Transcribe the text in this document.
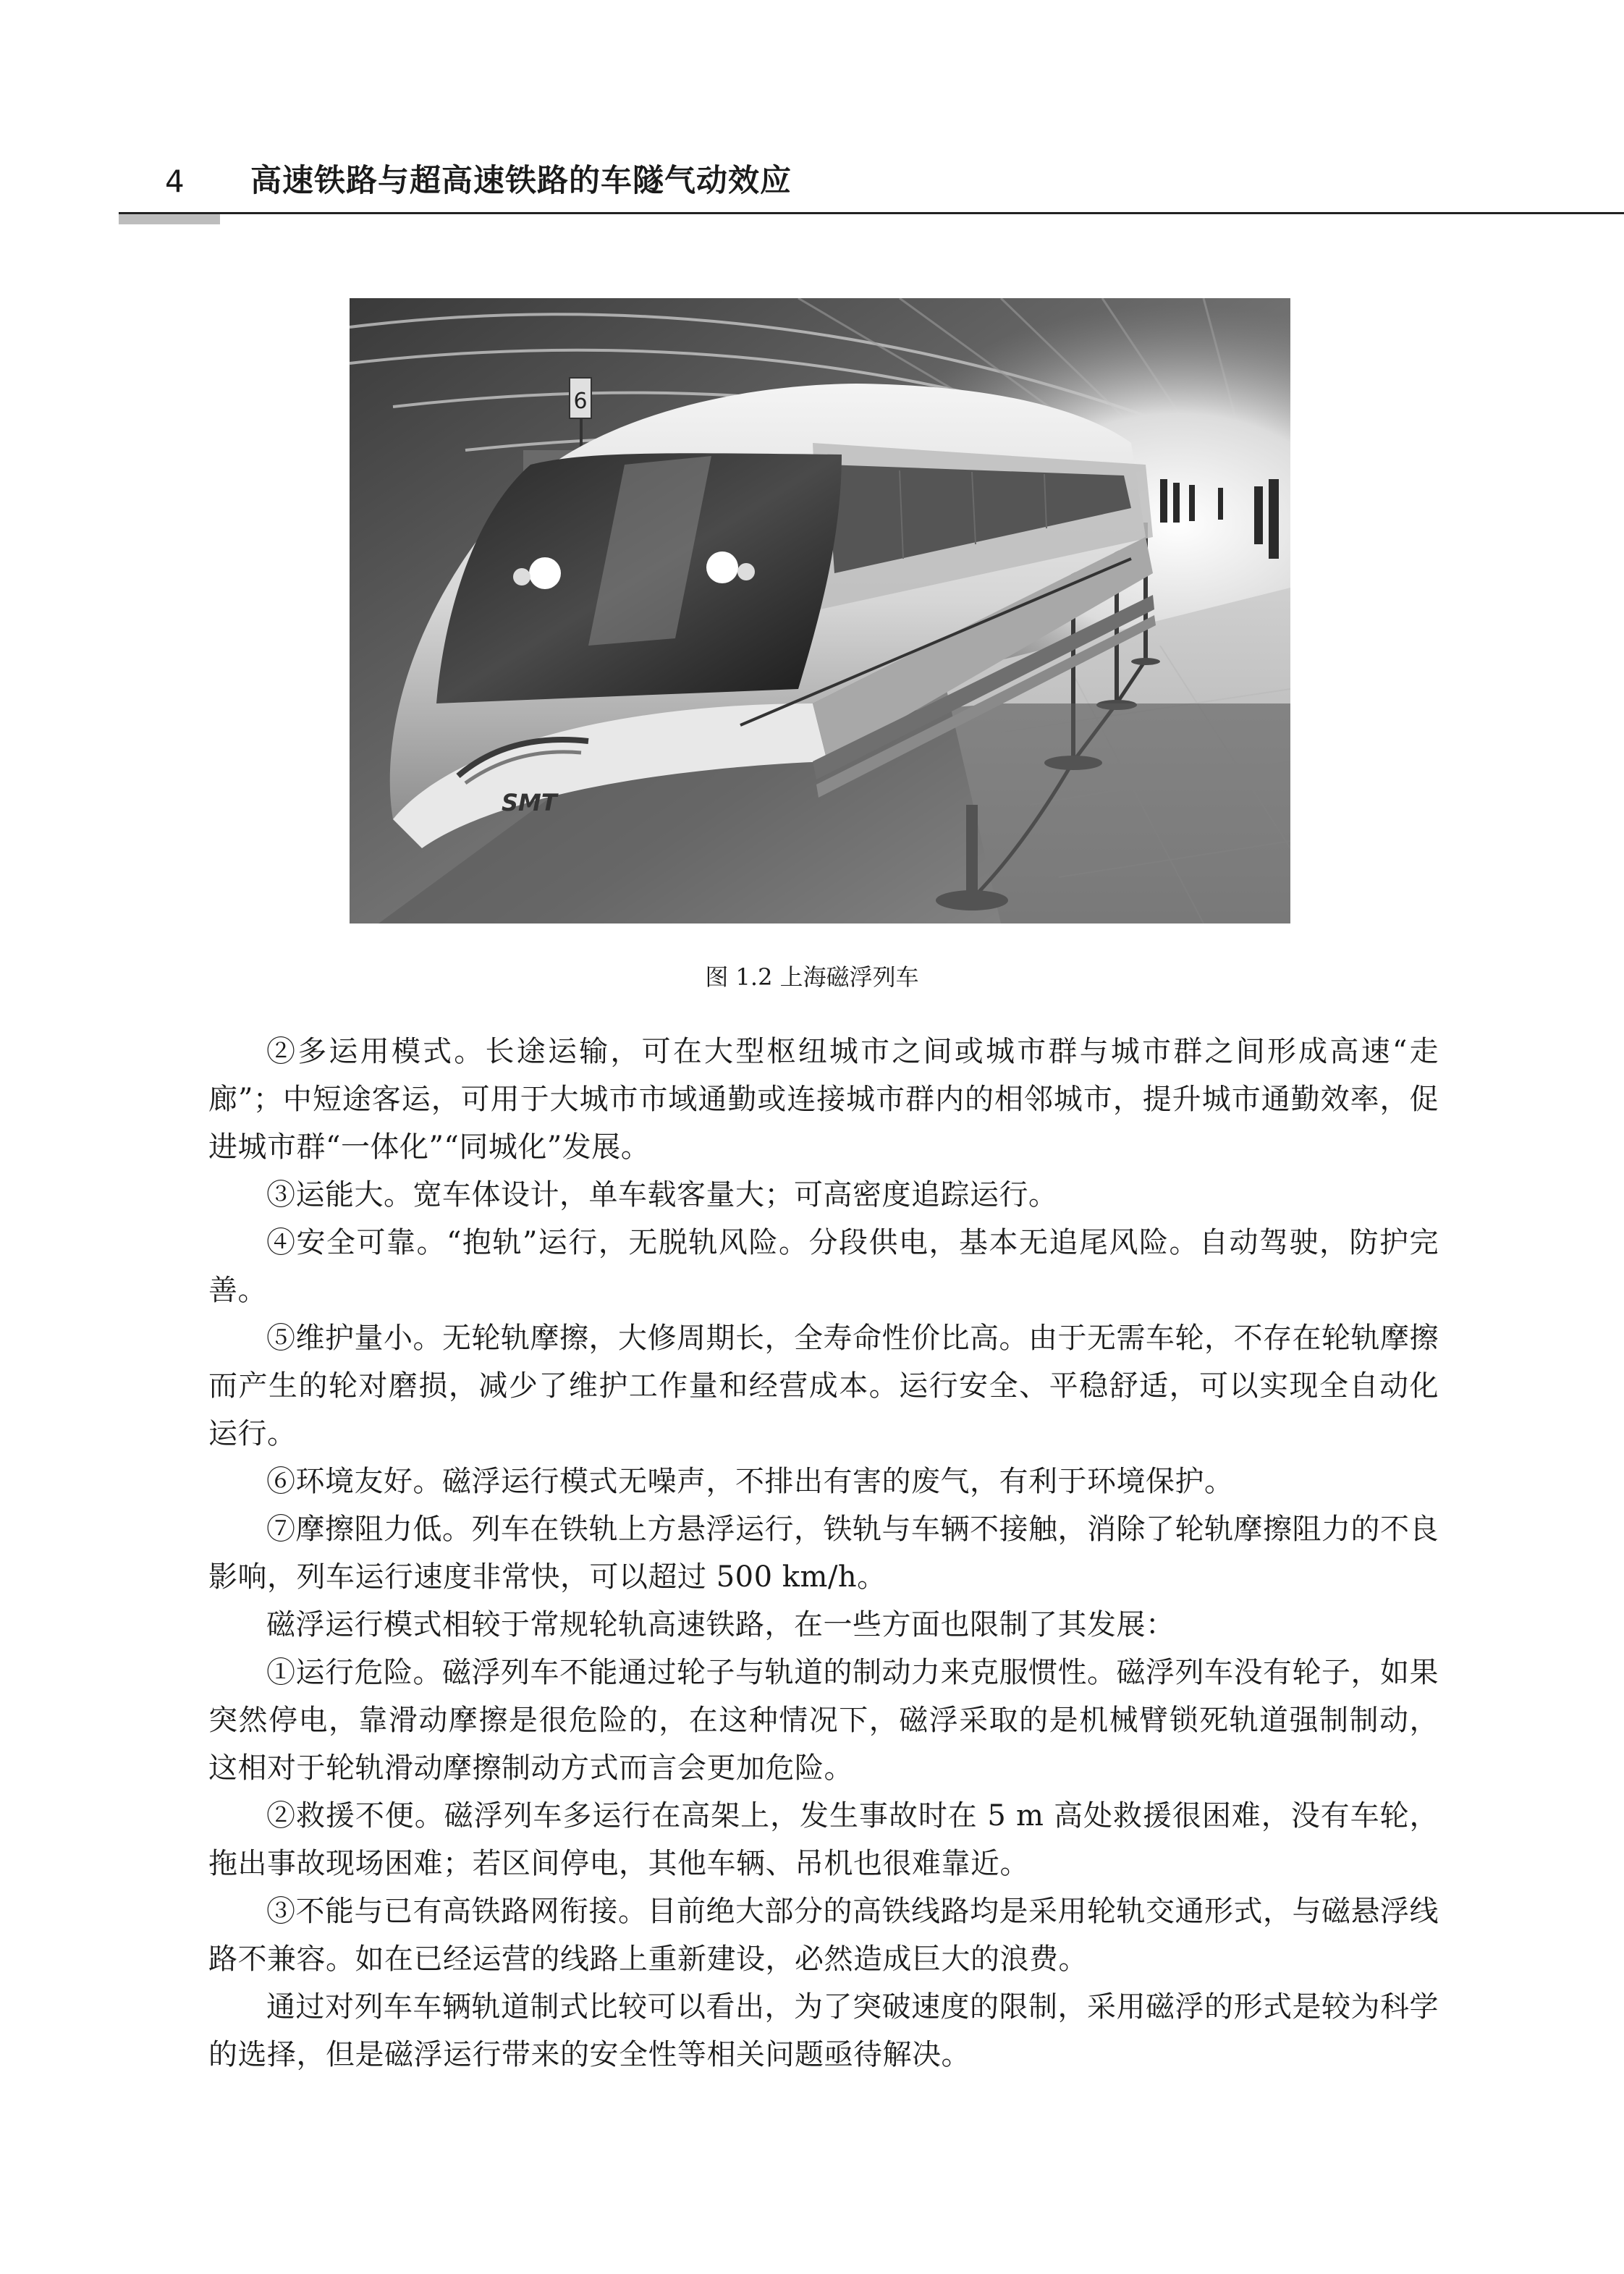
4 高速铁路与超高速铁路的车隧气动效应
6
SMT
图 1.2 上海磁浮列车

②多运用模式。长途运输，可在大型枢纽城市之间或城市群与城市群之间形成高速“走廊”；中短途客运，可用于大城市市域通勤或连接城市群内的相邻城市，提升城市通勤效率，促进城市群“一体化”“同城化”发展。

③运能大。宽车体设计，单车载客量大；可高密度追踪运行。

④安全可靠。“抱轨”运行，无脱轨风险。分段供电，基本无追尾风险。自动驾驶，防护完善。

⑤维护量小。无轮轨摩擦，大修周期长，全寿命性价比高。由于无需车轮，不存在轮轨摩擦而产生的轮对磨损，减少了维护工作量和经营成本。运行安全、平稳舒适，可以实现全自动化运行。

⑥环境友好。磁浮运行模式无噪声，不排出有害的废气，有利于环境保护。

⑦摩擦阻力低。列车在铁轨上方悬浮运行，铁轨与车辆不接触，消除了轮轨摩擦阻力的不良影响，列车运行速度非常快，可以超过 500 km/h。

磁浮运行模式相较于常规轮轨高速铁路，在一些方面也限制了其发展：

①运行危险。磁浮列车不能通过轮子与轨道的制动力来克服惯性。磁浮列车没有轮子，如果突然停电，靠滑动摩擦是很危险的，在这种情况下，磁浮采取的是机械臂锁死轨道强制制动，这相对于轮轨滑动摩擦制动方式而言会更加危险。

②救援不便。磁浮列车多运行在高架上，发生事故时在 5 m 高处救援很困难，没有车轮，拖出事故现场困难；若区间停电，其他车辆、吊机也很难靠近。

③不能与已有高铁路网衔接。目前绝大部分的高铁线路均是采用轮轨交通形式，与磁悬浮线路不兼容。如在已经运营的线路上重新建设，必然造成巨大的浪费。

通过对列车车辆轨道制式比较可以看出，为了突破速度的限制，采用磁浮的形式是较为科学的选择，但是磁浮运行带来的安全性等相关问题亟待解决。
